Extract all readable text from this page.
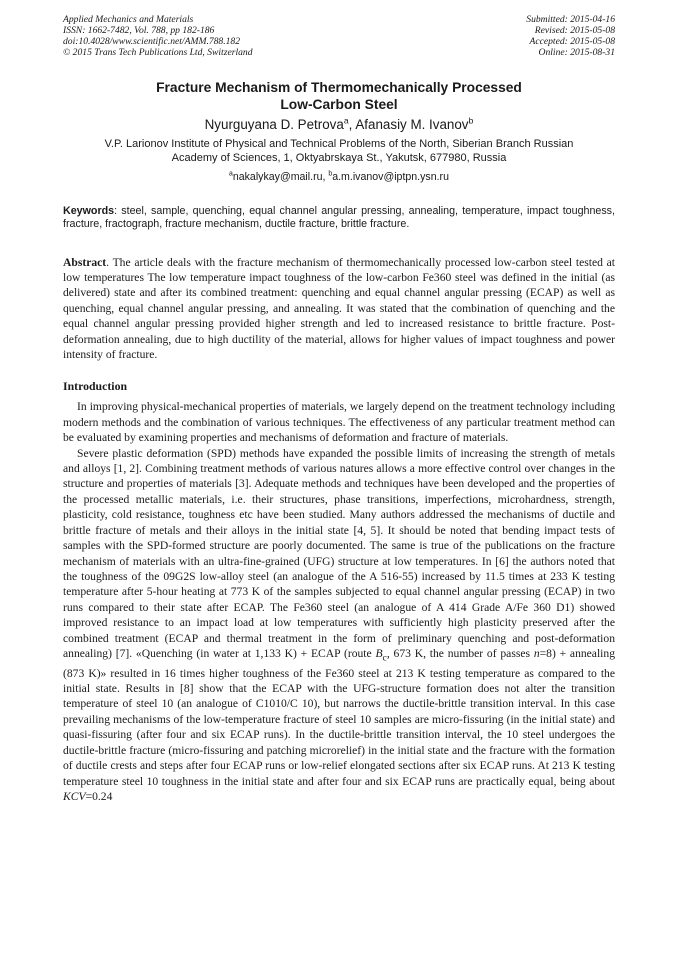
Applied Mechanics and Materials
ISSN: 1662-7482, Vol. 788, pp 182-186
doi:10.4028/www.scientific.net/AMM.788.182
© 2015 Trans Tech Publications Ltd, Switzerland
Submitted: 2015-04-16
Revised: 2015-05-08
Accepted: 2015-05-08
Online: 2015-08-31
Fracture Mechanism of Thermomechanically Processed
Low-Carbon Steel
Nyurguyana D. Petrova$^a$, Afanasiy M. Ivanov$^b$
V.P. Larionov Institute of Physical and Technical Problems of the North, Siberian Branch Russian
Academy of Sciences, 1, Oktyabrskaya St., Yakutsk, 677980, Russia
$^a$nakalykay@mail.ru, $^b$a.m.ivanov@iptpn.ysn.ru
Keywords: steel, sample, quenching, equal channel angular pressing, annealing, temperature, impact toughness, fracture, fractograph, fracture mechanism, ductile fracture, brittle fracture.
Abstract. The article deals with the fracture mechanism of thermomechanically processed low-carbon steel tested at low temperatures The low temperature impact toughness of the low-carbon Fe360 steel was defined in the initial (as delivered) state and after its combined treatment: quenching and equal channel angular pressing (ECAP) as well as quenching, equal channel angular pressing, and annealing. It was stated that the combination of quenching and the equal channel angular pressing provided higher strength and led to increased resistance to brittle fracture. Post-deformation annealing, due to high ductility of the material, allows for higher values of impact toughness and power intensity of fracture.
Introduction

In improving physical-mechanical properties of materials, we largely depend on the treatment technology including modern methods and the combination of various techniques. The effectiveness of any particular treatment method can be evaluated by examining properties and mechanisms of deformation and fracture of materials.

Severe plastic deformation (SPD) methods have expanded the possible limits of increasing the strength of metals and alloys [1, 2]. Combining treatment methods of various natures allows a more effective control over changes in the structure and properties of materials [3]. Adequate methods and techniques have been developed and the properties of the processed metallic materials, i.e. their structures, phase transitions, imperfections, microhardness, strength, plasticity, cold resistance, toughness etc have been studied. Many authors addressed the mechanisms of ductile and brittle fracture of metals and their alloys in the initial state [4, 5]. It should be noted that bending impact tests of samples with the SPD-formed structure are poorly documented. The same is true of the publications on the fracture mechanism of materials with an ultra-fine-grained (UFG) structure at low temperatures. In [6] the authors noted that the toughness of the 09G2S low-alloy steel (an analogue of the A 516-55) increased by 11.5 times at 233 K testing temperature after 5-hour heating at 773 K of the samples subjected to equal channel angular pressing (ECAP) in two runs compared to their state after ECAP. The Fe360 steel (an analogue of A 414 Grade A/Fe 360 D1) showed improved resistance to an impact load at low temperatures with sufficiently high plasticity preserved after the combined treatment (ECAP and thermal treatment in the form of preliminary quenching and post-deformation annealing) [7]. «Quenching (in water at 1,133 K) + ECAP (route $B_c$, 673 K, the number of passes n=8) + annealing (873 K)» resulted in 16 times higher toughness of the Fe360 steel at 213 K testing temperature as compared to the initial state. Results in [8] show that the ECAP with the UFG-structure formation does not alter the transition temperature of steel 10 (an analogue of C1010/C 10), but narrows the ductile-brittle transition interval. In this case prevailing mechanisms of the low-temperature fracture of steel 10 samples are micro-fissuring (in the initial state) and quasi-fissuring (after four and six ECAP runs). In the ductile-brittle transition interval, the 10 steel undergoes the ductile-brittle fracture (micro-fissuring and patching microrelief) in the initial state and the fracture with the formation of ductile crests and steps after four ECAP runs or low-relief elongated sections after six ECAP runs. At 213 K testing temperature steel 10 toughness in the initial state and after four and six ECAP runs are practically equal, being about KCV=0.24
